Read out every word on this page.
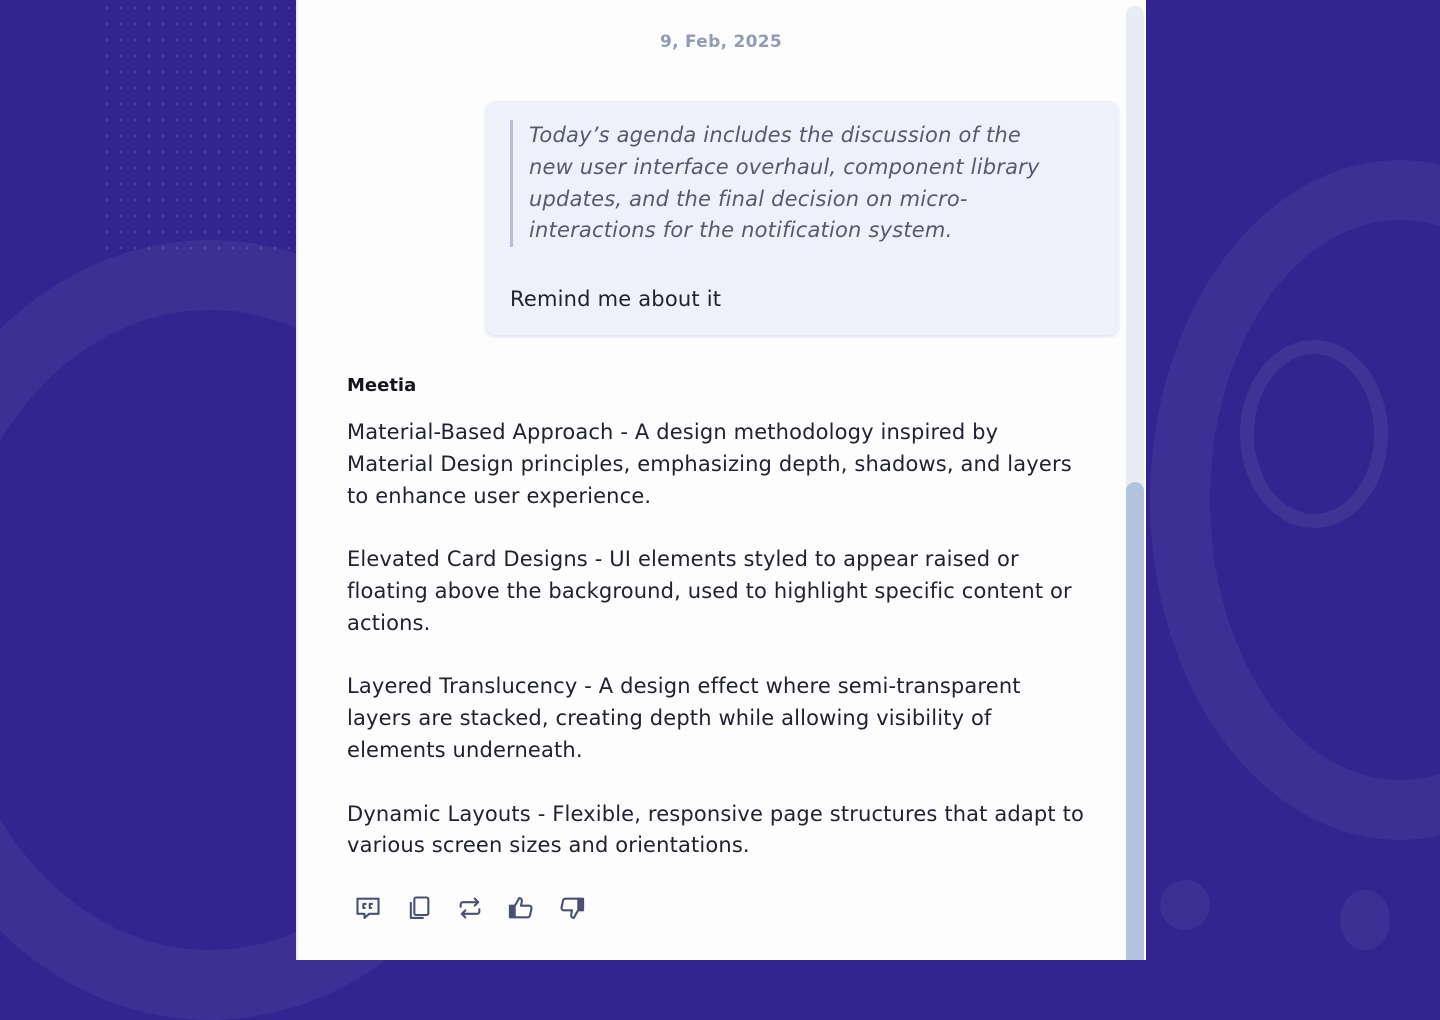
9, Feb, 2025
Today’s agenda includes the discussion of the
new user interface overhaul, component library
updates, and the final decision on micro-
interactions for the notification system.
Remind me about it
Meetia

Material-Based Approach - A design methodology inspired by
Material Design principles, emphasizing depth, shadows, and layers
to enhance user experience.

Elevated Card Designs - UI elements styled to appear raised or
floating above the background, used to highlight specific content or
actions.

Layered Translucency - A design effect where semi-transparent
layers are stacked, creating depth while allowing visibility of
elements underneath.

Dynamic Layouts - Flexible, responsive page structures that adapt to
various screen sizes and orientations.
